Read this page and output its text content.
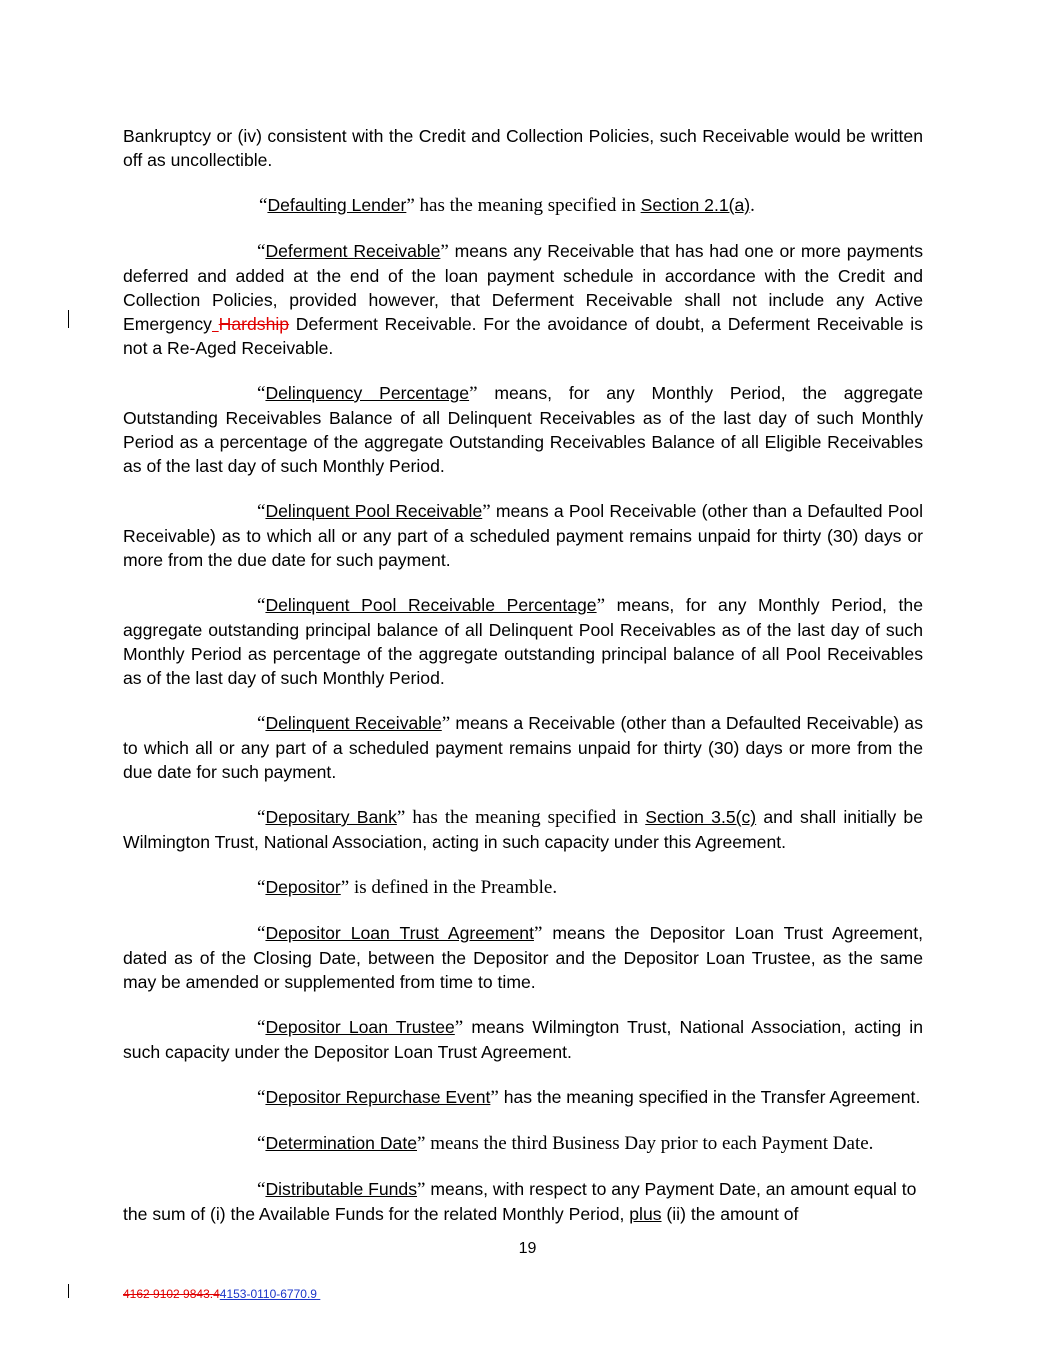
Bankruptcy or (iv) consistent with the Credit and Collection Policies, such Receivable would be written off as uncollectible.

“Defaulting Lender” has the meaning specified in Section 2.1(a).

“Deferment Receivable” means any Receivable that has had one or more payments deferred and added at the end of the loan payment schedule in accordance with the Credit and Collection Policies, provided however, that Deferment Receivable shall not include any Active Emergency Hardship Deferment Receivable. For the avoidance of doubt, a Deferment Receivable is not a Re-Aged Receivable.

“Delinquency Percentage” means, for any Monthly Period, the aggregate Outstanding Receivables Balance of all Delinquent Receivables as of the last day of such Monthly Period as a percentage of the aggregate Outstanding Receivables Balance of all Eligible Receivables as of the last day of such Monthly Period.

“Delinquent Pool Receivable” means a Pool Receivable (other than a Defaulted Pool Receivable) as to which all or any part of a scheduled payment remains unpaid for thirty (30) days or more from the due date for such payment.

“Delinquent Pool Receivable Percentage” means, for any Monthly Period, the aggregate outstanding principal balance of all Delinquent Pool Receivables as of the last day of such Monthly Period as percentage of the aggregate outstanding principal balance of all Pool Receivables as of the last day of such Monthly Period.

“Delinquent Receivable” means a Receivable (other than a Defaulted Receivable) as to which all or any part of a scheduled payment remains unpaid for thirty (30) days or more from the due date for such payment.

“Depositary Bank” has the meaning specified in Section 3.5(c) and shall initially be Wilmington Trust, National Association, acting in such capacity under this Agreement.

“Depositor” is defined in the Preamble.

“Depositor Loan Trust Agreement” means the Depositor Loan Trust Agreement, dated as of the Closing Date, between the Depositor and the Depositor Loan Trustee, as the same may be amended or supplemented from time to time.

“Depositor Loan Trustee” means Wilmington Trust, National Association, acting in such capacity under the Depositor Loan Trust Agreement.

“Depositor Repurchase Event” has the meaning specified in the Transfer Agreement.

“Determination Date” means the third Business Day prior to each Payment Date.

“Distributable Funds” means, with respect to any Payment Date, an amount equal to the sum of (i) the Available Funds for the related Monthly Period, plus (ii) the amount of

19
4162 9102 9843.44153-0110-6770.9
